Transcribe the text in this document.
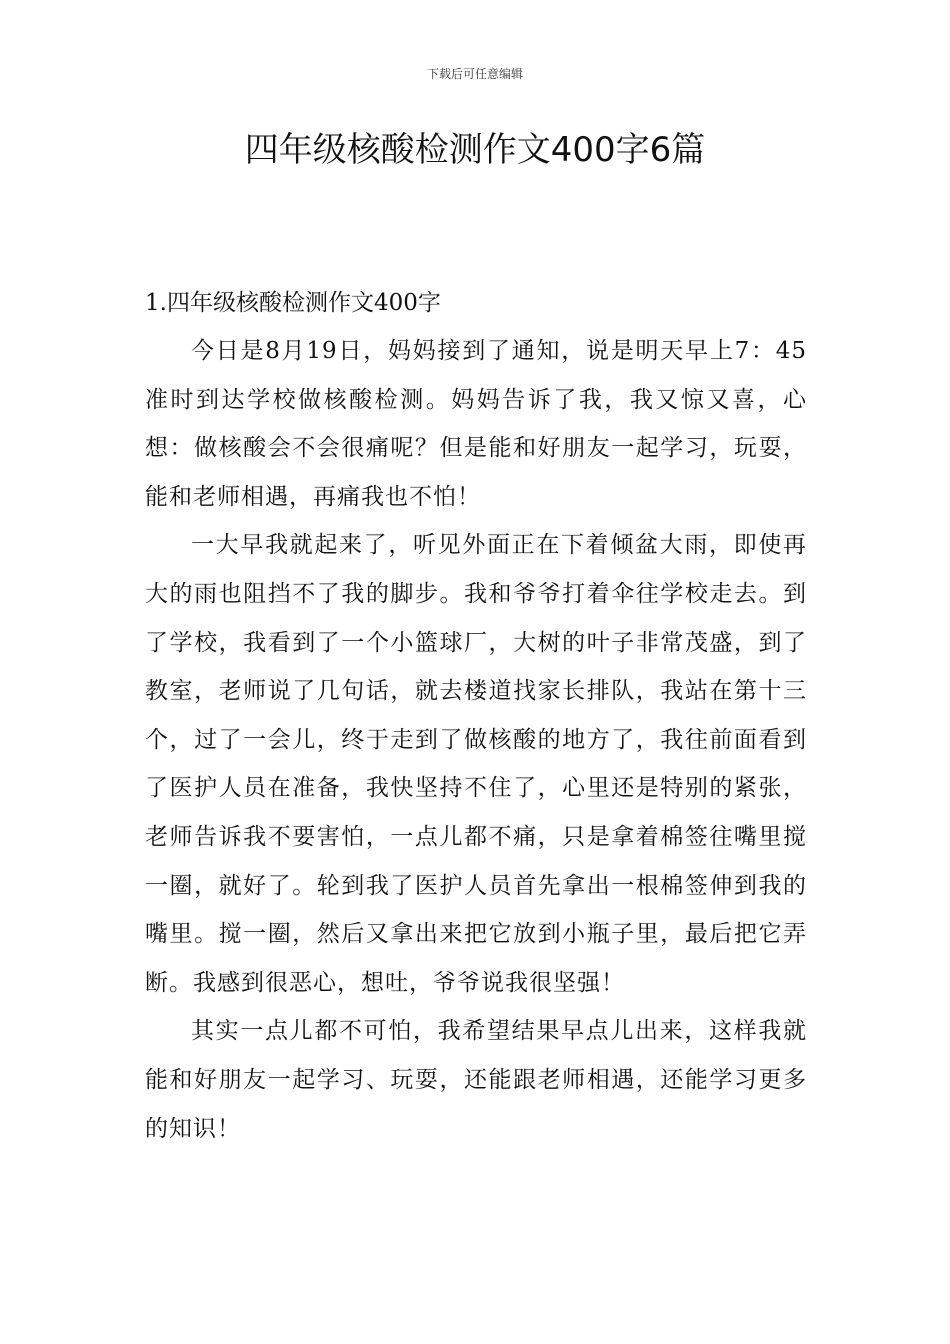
下载后可任意编辑
四年级核酸检测作文400字6篇

1.四年级核酸检测作文400字

今日是8月19日，妈妈接到了通知，说是明天早上7：45准时到达学校做核酸检测。妈妈告诉了我，我又惊又喜，心想：做核酸会不会很痛呢？但是能和好朋友一起学习，玩耍，能和老师相遇，再痛我也不怕！

一大早我就起来了，听见外面正在下着倾盆大雨，即使再大的雨也阻挡不了我的脚步。我和爷爷打着伞往学校走去。到了学校，我看到了一个小篮球厂，大树的叶子非常茂盛，到了教室，老师说了几句话，就去楼道找家长排队，我站在第十三个，过了一会儿，终于走到了做核酸的地方了，我往前面看到了医护人员在准备，我快坚持不住了，心里还是特别的紧张，老师告诉我不要害怕，一点儿都不痛，只是拿着棉签往嘴里搅一圈，就好了。轮到我了医护人员首先拿出一根棉签伸到我的嘴里。搅一圈，然后又拿出来把它放到小瓶子里，最后把它弄断。我感到很恶心，想吐，爷爷说我很坚强！

其实一点儿都不可怕，我希望结果早点儿出来，这样我就能和好朋友一起学习、玩耍，还能跟老师相遇，还能学习更多的知识！
